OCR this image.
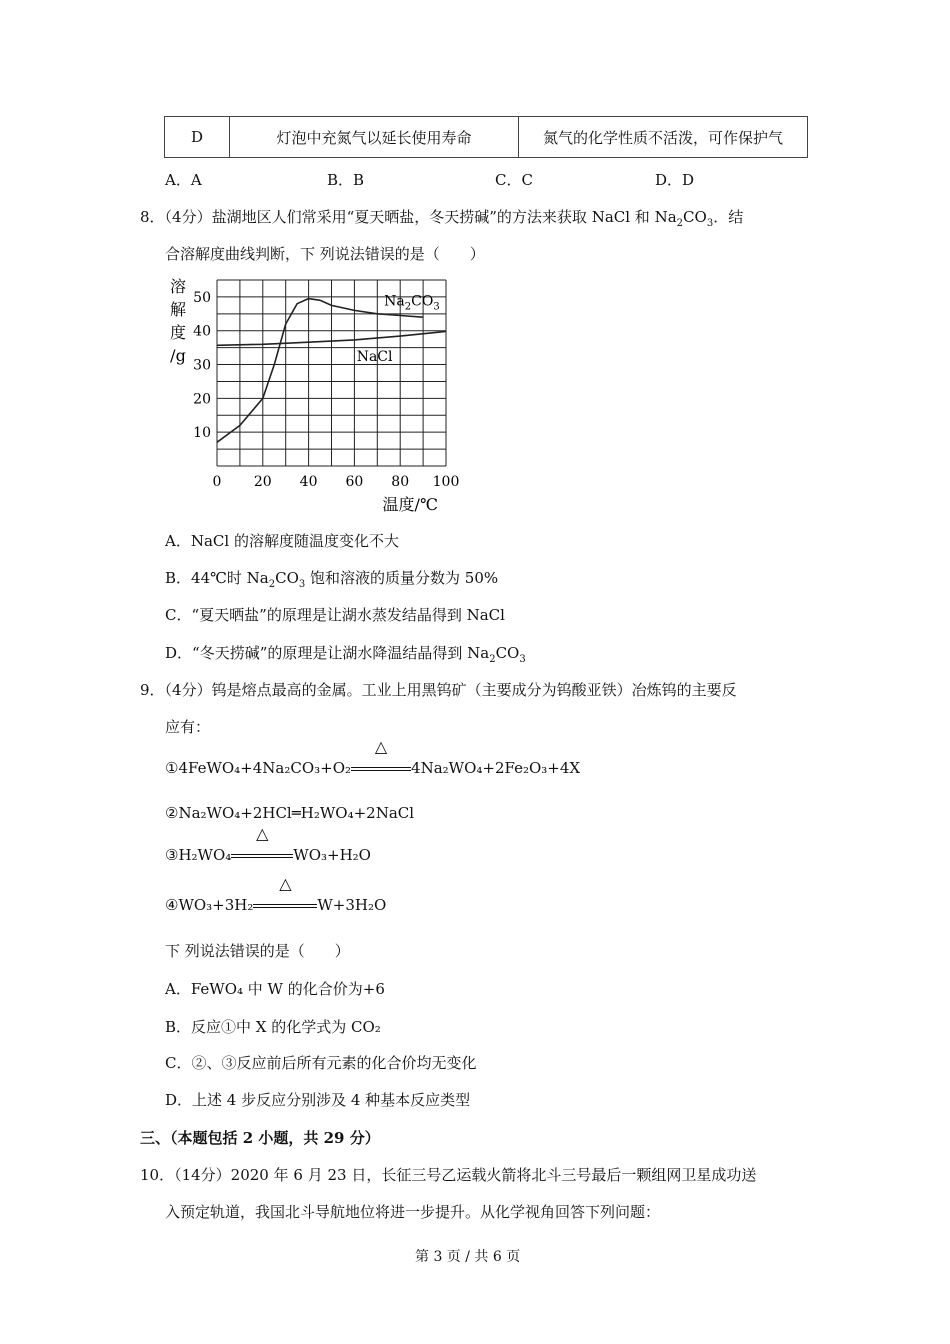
D	灯泡中充氮气以延长使用寿命	氮气的化学性质不活泼，可作保护气
A．A	B．B	C．C	D．D
8．（4分）盐湖地区人们常采用“夏天晒盐，冬天捞碱”的方法来获取 NaCl 和 $Na_2CO_3$．结
合溶解度曲线判断，下 列说法错误的是（　　）
0 20 40 60 80 100
10
20
30
40
50
溶
解
度
/g
温度/℃
$Na_2CO_3$
NaCl
A．NaCl 的溶解度随温度变化不大
B．44℃时 $Na_2CO_3$ 饱和溶液的质量分数为 50%
C．“夏天晒盐”的原理是让湖水蒸发结晶得到 NaCl
D．“冬天捞碱”的原理是让湖水降温结晶得到 $Na_2CO_3$
9．（4分）钨是熔点最高的金属。工业上用黑钨矿（主要成分为钨酸亚铁）冶炼钨的主要反
应有：
①4FeWO₄+4Na₂CO₃+O₂
△
4Na₂WO₄+2Fe₂O₃+4X
②Na₂WO₄+2HCl═H₂WO₄+2NaCl
③H₂WO₄
△
WO₃+H₂O
④WO₃+3H₂
△
W+3H₂O
下 列说法错误的是（　　）
A．FeWO₄ 中 W 的化合价为+6
B．反应①中 X 的化学式为 CO₂
C．②、③反应前后所有元素的化合价均无变化
D．上述 4 步反应分别涉及 4 种基本反应类型
三、（本题包括 2 小题，共 29 分）
10．（14分）2020 年 6 月 23 日，长征三号乙运载火箭将北斗三号最后一颗组网卫星成功送
入预定轨道，我国北斗导航地位将进一步提升。从化学视角回答下列问题：
第 3 页 / 共 6 页
